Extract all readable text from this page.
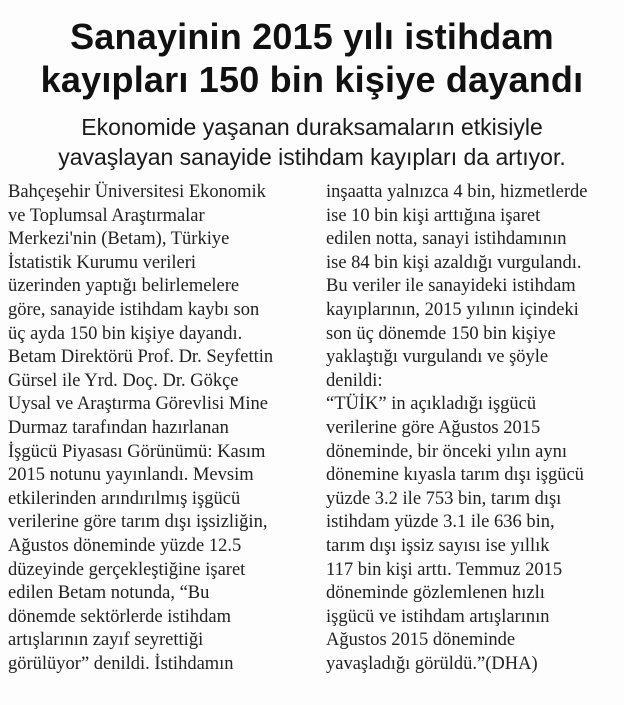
Sanayinin 2015 yılı istihdam
kayıpları 150 bin kişiye dayandı
Ekonomide yaşanan duraksamaların etkisiyle
yavaşlayan sanayide istihdam kayıpları da artıyor.
Bahçeşehir Üniversitesi Ekonomik
ve Toplumsal Araştırmalar
Merkezi'nin (Betam), Türkiye
İstatistik Kurumu verileri
üzerinden yaptığı belirlemelere
göre, sanayide istihdam kaybı son
üç ayda 150 bin kişiye dayandı.
Betam Direktörü Prof. Dr. Seyfettin
Gürsel ile Yrd. Doç. Dr. Gökçe
Uysal ve Araştırma Görevlisi Mine
Durmaz tarafından hazırlanan
İşgücü Piyasası Görünümü: Kasım
2015 notunu yayınlandı. Mevsim
etkilerinden arındırılmış işgücü
verilerine göre tarım dışı işsizliğin,
Ağustos döneminde yüzde 12.5
düzeyinde gerçekleştiğine işaret
edilen Betam notunda, “Bu
dönemde sektörlerde istihdam
artışlarının zayıf seyrettiği
görülüyor” denildi. İstihdamın
inşaatta yalnızca 4 bin, hizmetlerde
ise 10 bin kişi arttığına işaret
edilen notta, sanayi istihdamının
ise 84 bin kişi azaldığı vurgulandı.
Bu veriler ile sanayideki istihdam
kayıplarının, 2015 yılının içindeki
son üç dönemde 150 bin kişiye
yaklaştığı vurgulandı ve şöyle
denildi:
“TÜİK” in açıkladığı işgücü
verilerine göre Ağustos 2015
döneminde, bir önceki yılın aynı
dönemine kıyasla tarım dışı işgücü
yüzde 3.2 ile 753 bin, tarım dışı
istihdam yüzde 3.1 ile 636 bin,
tarım dışı işsiz sayısı ise yıllık
117 bin kişi arttı. Temmuz 2015
döneminde gözlemlenen hızlı
işgücü ve istihdam artışlarının
Ağustos 2015 döneminde
yavaşladığı görüldü.”(DHA)
